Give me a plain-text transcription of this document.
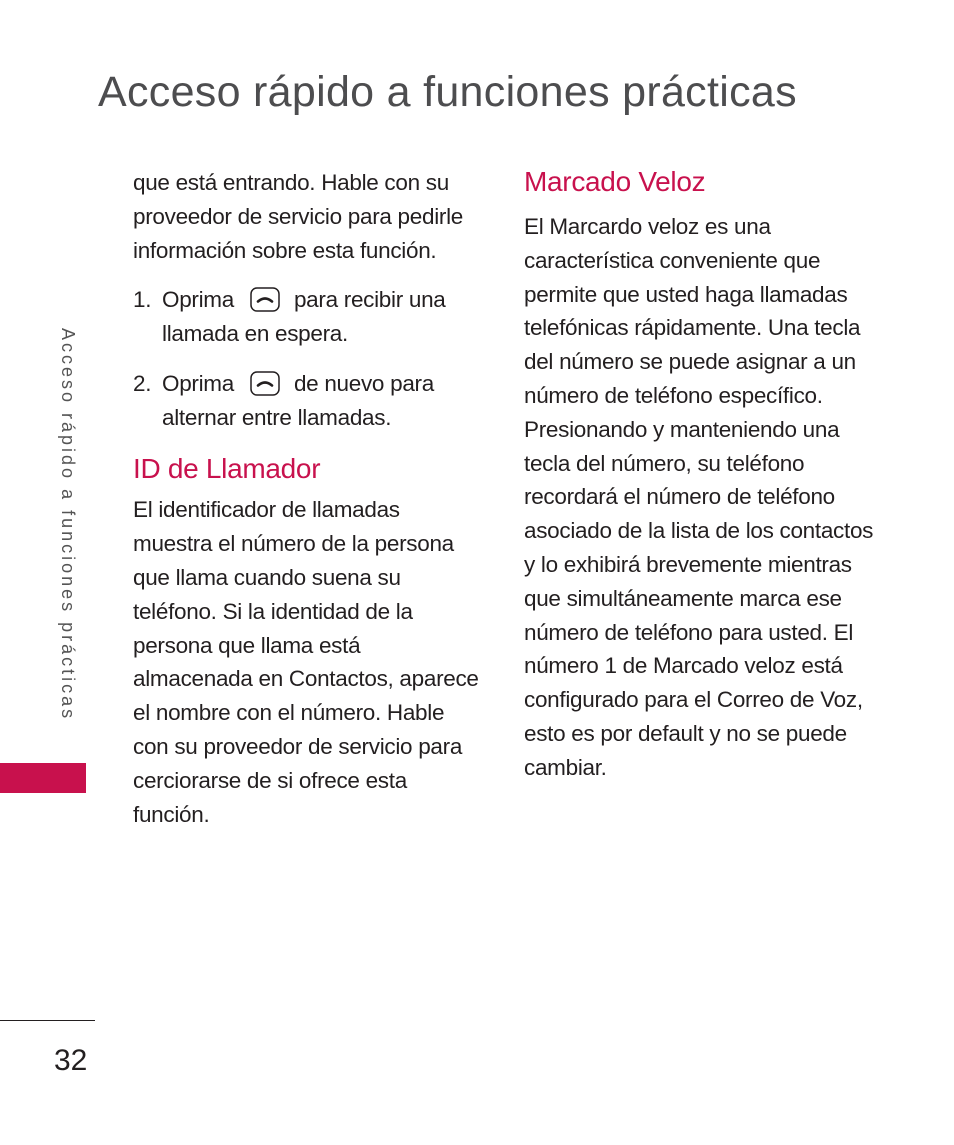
Acceso rápido a funciones prácticas
Acceso rápido a funciones prácticas

que está entrando. Hable con su proveedor de servicio para pedirle información sobre esta función.

1. Oprima	para recibir una llamada en espera.
2. Oprima	de nuevo para alternar entre llamadas.
ID de Llamador

El identificador de llamadas muestra el número de la persona que llama cuando suena su teléfono. Si la identidad de la persona que llama está almacenada en Contactos, aparece el nombre con el número. Hable con su proveedor de servicio para cerciorarse de si ofrece esta función.

Marcado Veloz

El Marcardo veloz es una característica conveniente que permite que usted haga llamadas telefónicas rápidamente. Una tecla del número se puede asignar a un número de teléfono específico. Presionando y manteniendo una tecla del número, su teléfono recordará el número de teléfono asociado de la lista de los contactos y lo exhibirá brevemente mientras que simultáneamente marca ese número de teléfono para usted. El número 1 de Marcado veloz está configurado para el Correo de Voz, esto es por default y no se puede cambiar.

32
